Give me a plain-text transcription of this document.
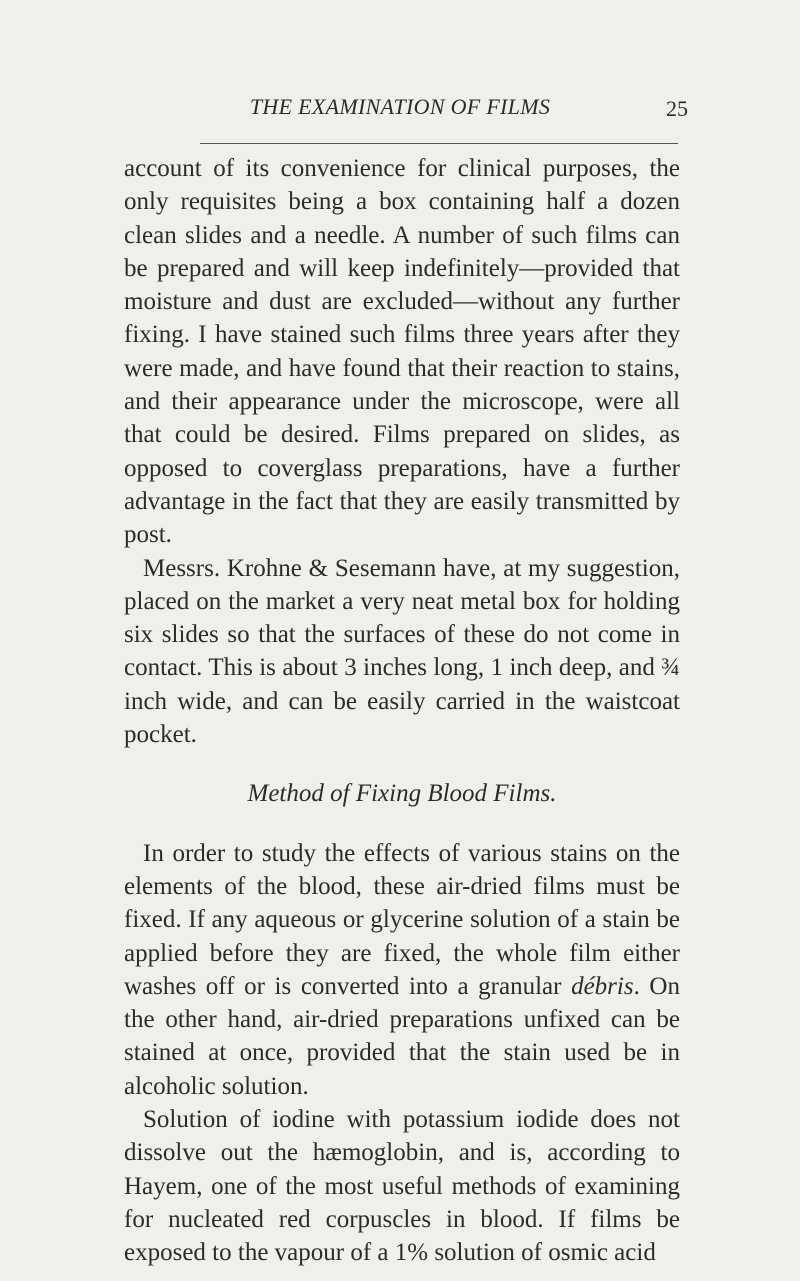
THE EXAMINATION OF FILMS	25

account of its convenience for clinical purposes, the only requisites being a box containing half a dozen clean slides and a needle. A number of such films can be prepared and will keep indefinitely—provided that moisture and dust are excluded—without any further fixing. I have stained such films three years after they were made, and have found that their reaction to stains, and their appearance under the microscope, were all that could be desired. Films prepared on slides, as opposed to coverglass preparations, have a further advantage in the fact that they are easily transmitted by post.

Messrs. Krohne & Sesemann have, at my suggestion, placed on the market a very neat metal box for holding six slides so that the surfaces of these do not come in contact. This is about 3 inches long, 1 inch deep, and ¾ inch wide, and can be easily carried in the waistcoat pocket.

Method of Fixing Blood Films.

In order to study the effects of various stains on the elements of the blood, these air-dried films must be fixed. If any aqueous or glycerine solution of a stain be applied before they are fixed, the whole film either washes off or is converted into a granular débris. On the other hand, air-dried preparations unfixed can be stained at once, provided that the stain used be in alcoholic solution.

Solution of iodine with potassium iodide does not dissolve out the hæmoglobin, and is, according to Hayem, one of the most useful methods of examining for nucleated red corpuscles in blood. If films be exposed to the vapour of a 1% solution of osmic acid
